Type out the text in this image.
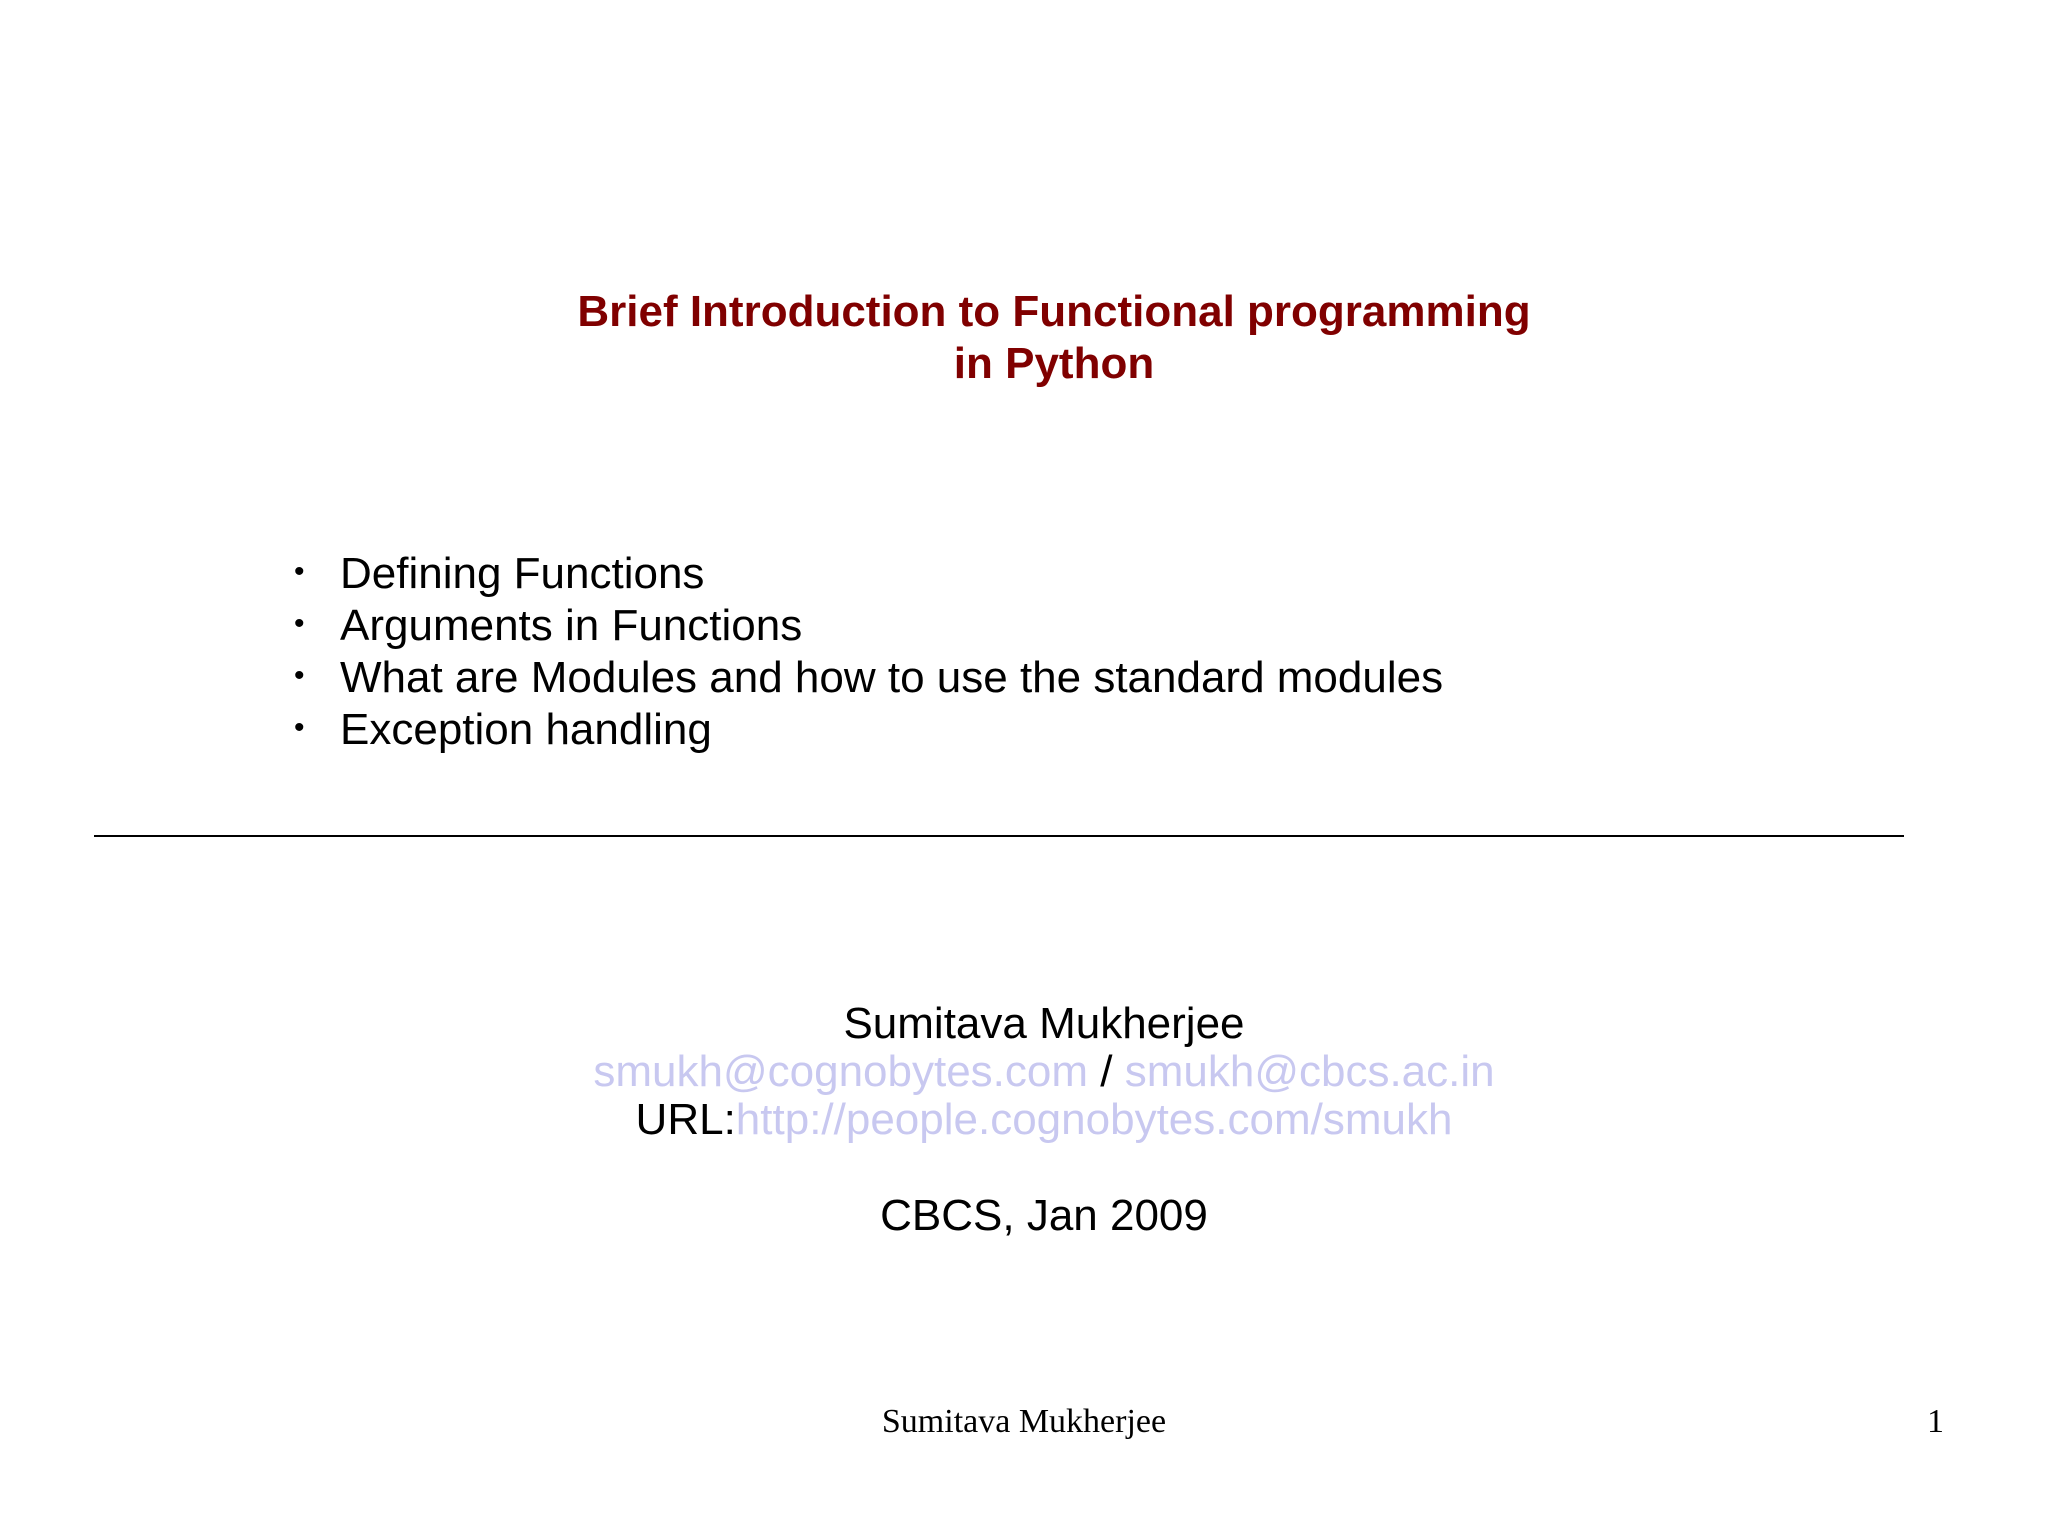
Brief Introduction to Functional programming
in Python
• Defining Functions
• Arguments in Functions
• What are Modules and how to use the standard modules
• Exception handling
Sumitava Mukherjee
smukh@cognobytes.com / smukh@cbcs.ac.in
URL:http://people.cognobytes.com/smukh
CBCS, Jan 2009
Sumitava Mukherjee	1
